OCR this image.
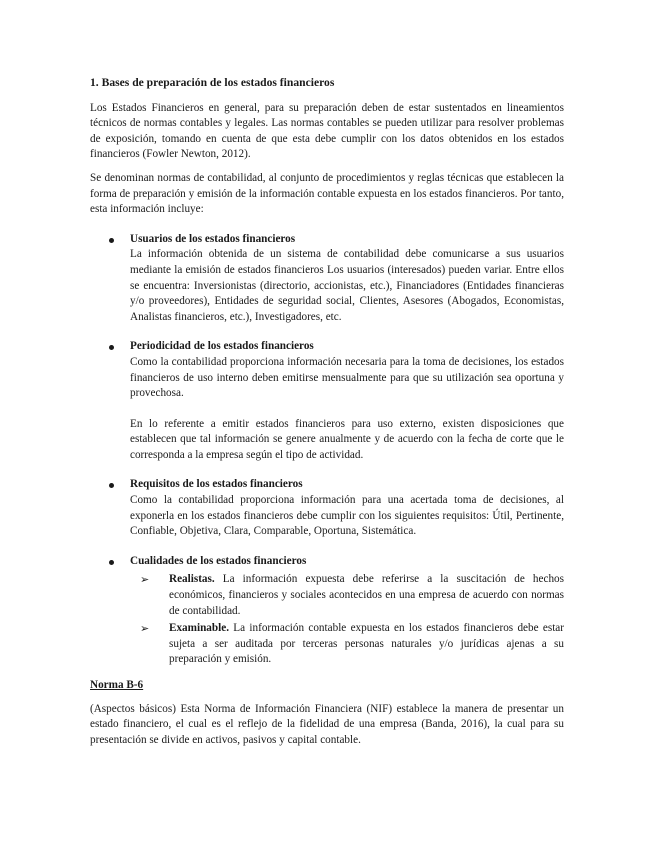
1. Bases de preparación de los estados financieros

Los Estados Financieros en general, para su preparación deben de estar sustentados en lineamientos técnicos de normas contables y legales. Las normas contables se pueden utilizar para resolver problemas de exposición, tomando en cuenta de que esta debe cumplir con los datos obtenidos en los estados financieros (Fowler Newton, 2012).

Se denominan normas de contabilidad, al conjunto de procedimientos y reglas técnicas que establecen la forma de preparación y emisión de la información contable expuesta en los estados financieros. Por tanto, esta información incluye:

Usuarios de los estados financieros

La información obtenida de un sistema de contabilidad debe comunicarse a sus usuarios mediante la emisión de estados financieros Los usuarios (interesados) pueden variar. Entre ellos se encuentra: Inversionistas (directorio, accionistas, etc.), Financiadores (Entidades financieras y/o proveedores), Entidades de seguridad social, Clientes, Asesores (Abogados, Economistas, Analistas financieros, etc.), Investigadores, etc.

Periodicidad de los estados financieros

Como la contabilidad proporciona información necesaria para la toma de decisiones, los estados financieros de uso interno deben emitirse mensualmente para que su utilización sea oportuna y provechosa.

En lo referente a emitir estados financieros para uso externo, existen disposiciones que establecen que tal información se genere anualmente y de acuerdo con la fecha de corte que le corresponda a la empresa según el tipo de actividad.

Requisitos de los estados financieros

Como la contabilidad proporciona información para una acertada toma de decisiones, al exponerla en los estados financieros debe cumplir con los siguientes requisitos: Útil, Pertinente, Confiable, Objetiva, Clara, Comparable, Oportuna, Sistemática.

Cualidades de los estados financieros
➢ Realistas. La información expuesta debe referirse a la suscitación de hechos económicos, financieros y sociales acontecidos en una empresa de acuerdo con normas de contabilidad.
➢ Examinable. La información contable expuesta en los estados financieros debe estar sujeta a ser auditada por terceras personas naturales y/o jurídicas ajenas a su preparación y emisión.
Norma B-6

(Aspectos básicos) Esta Norma de Información Financiera (NIF) establece la manera de presentar un estado financiero, el cual es el reflejo de la fidelidad de una empresa (Banda, 2016), la cual para su presentación se divide en activos, pasivos y capital contable.
